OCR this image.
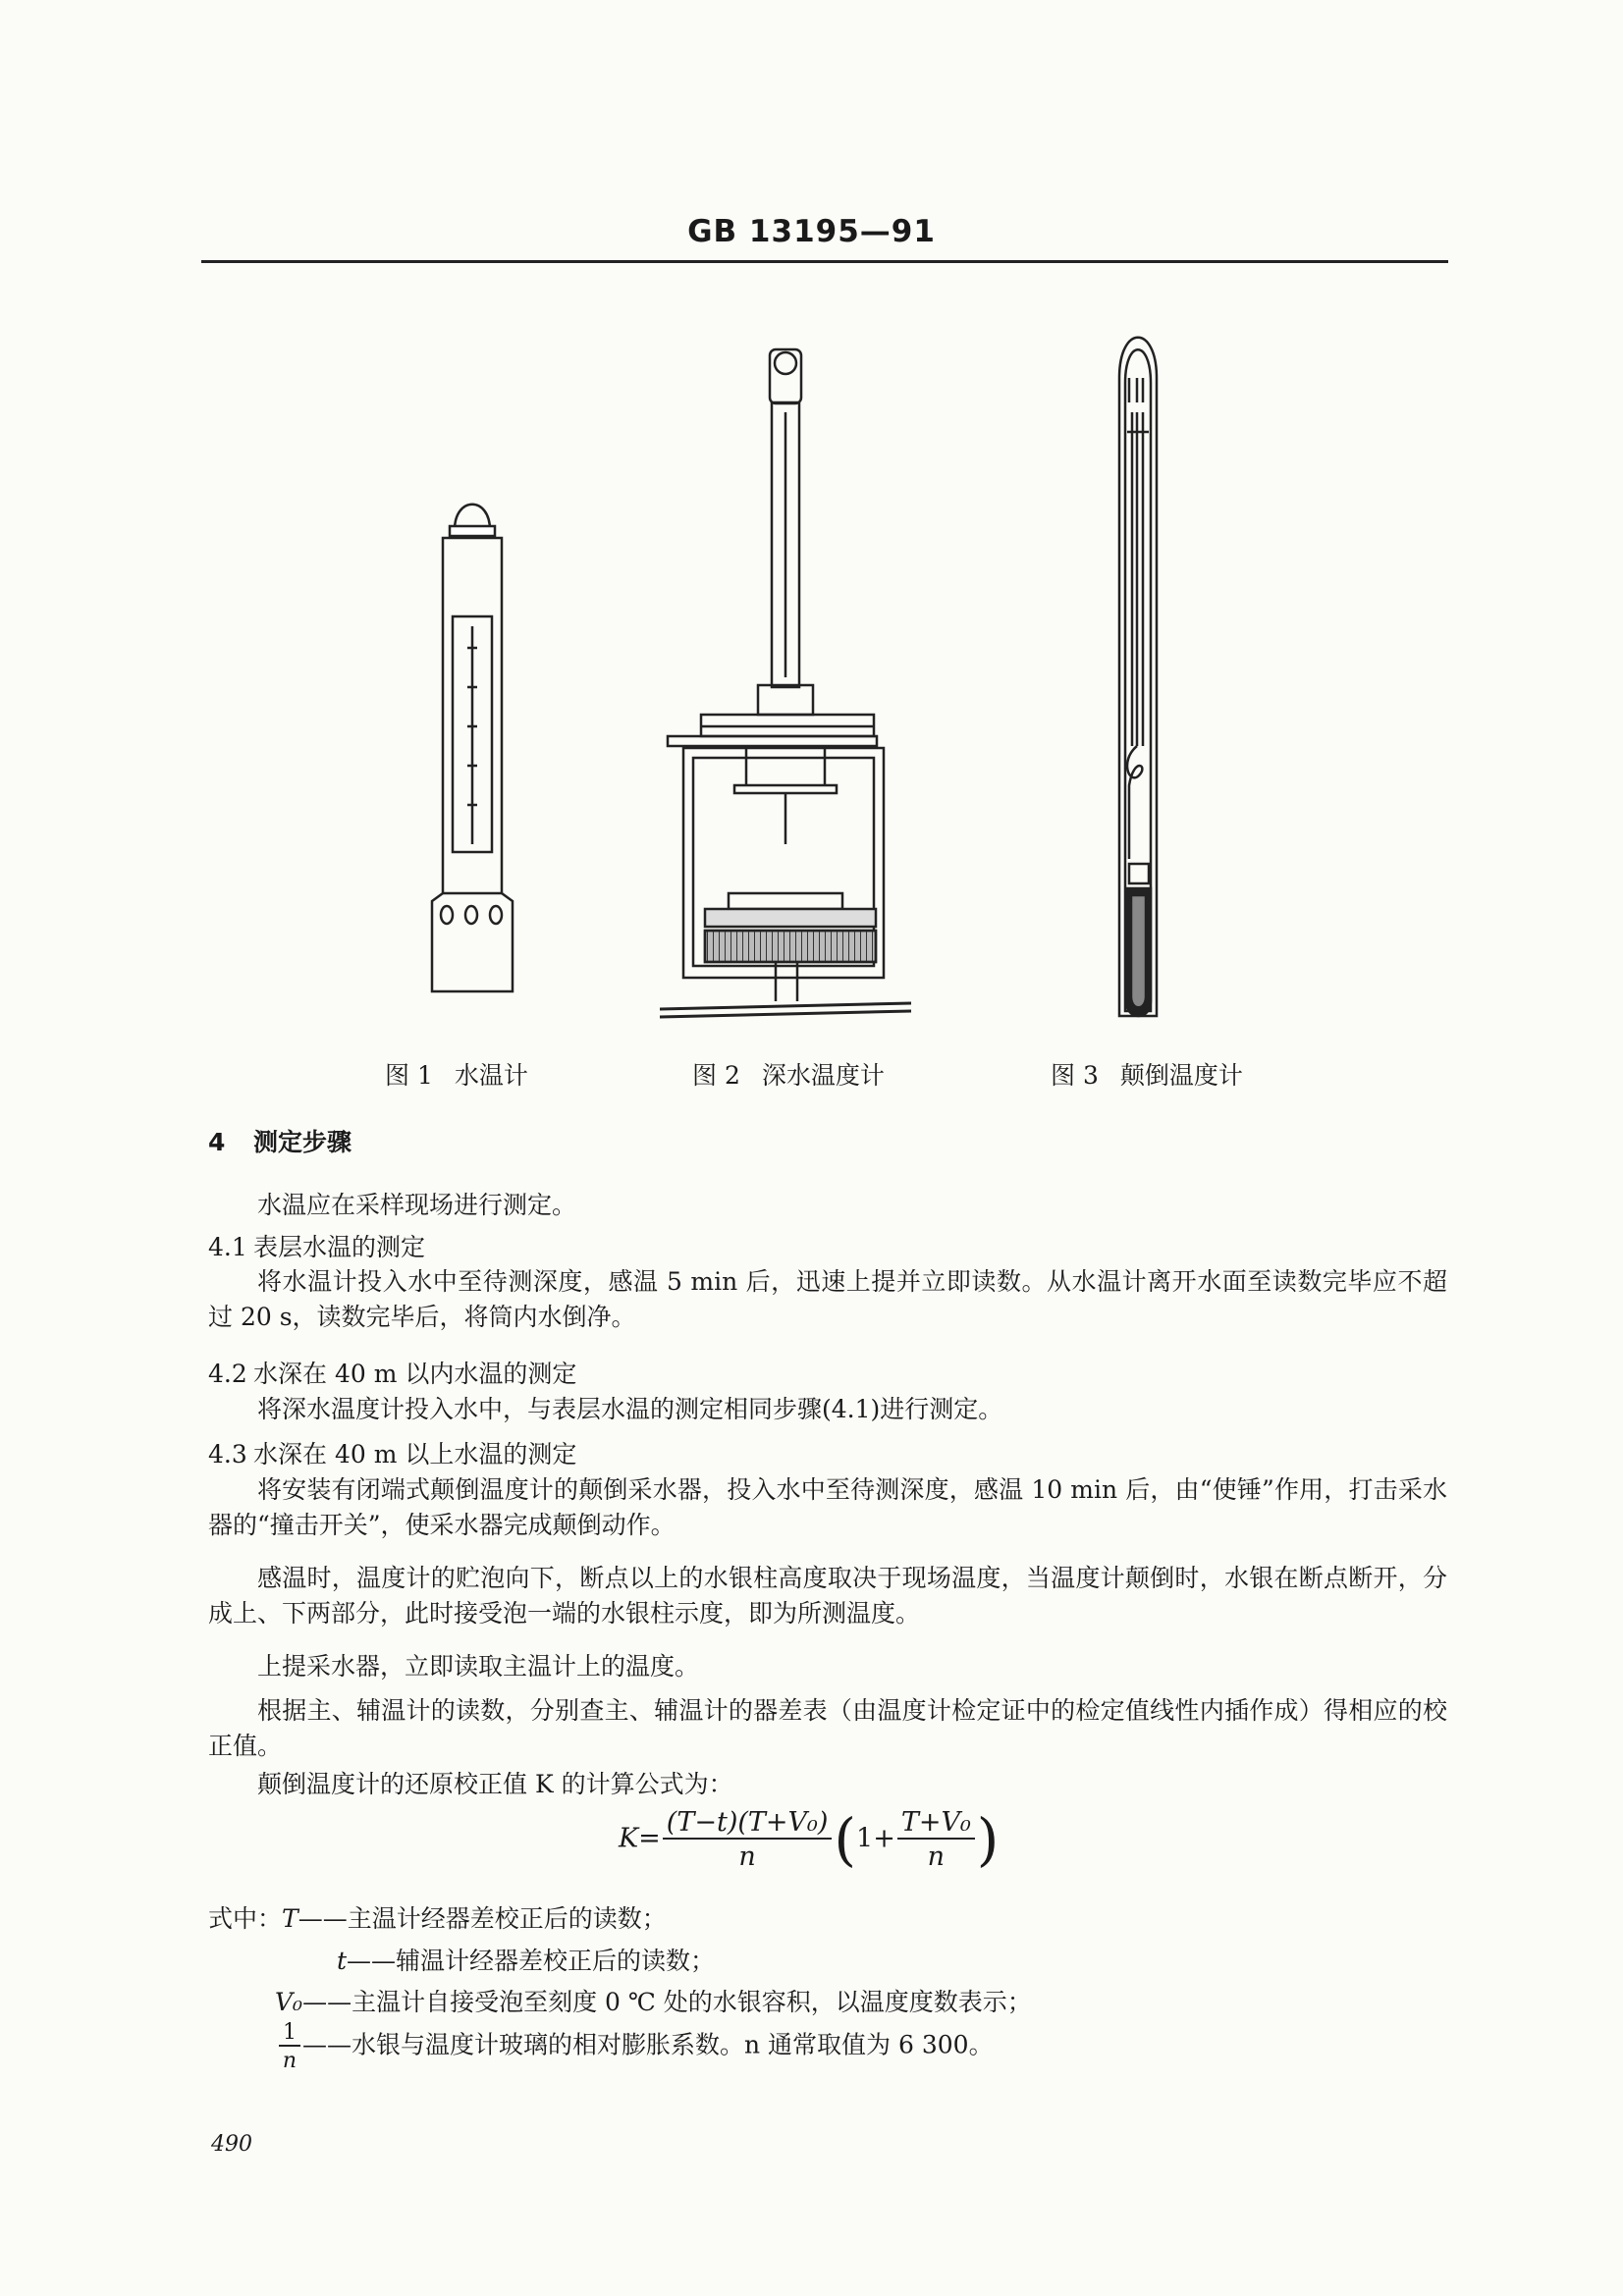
GB 13195—91
图 1 水温计	图 2 深水温度计	图 3 颠倒温度计
4 测定步骤
水温应在采样现场进行测定。
4.1 表层水温的测定
将水温计投入水中至待测深度，感温 5 min 后，迅速上提并立即读数。从水温计离开水面至读数完毕应不超过 20 s，读数完毕后，将筒内水倒净。
4.2 水深在 40 m 以内水温的测定
将深水温度计投入水中，与表层水温的测定相同步骤(4.1)进行测定。
4.3 水深在 40 m 以上水温的测定
将安装有闭端式颠倒温度计的颠倒采水器，投入水中至待测深度，感温 10 min 后，由“使锤”作用，打击采水器的“撞击开关”，使采水器完成颠倒动作。
感温时，温度计的贮泡向下，断点以上的水银柱高度取决于现场温度，当温度计颠倒时，水银在断点断开，分成上、下两部分，此时接受泡一端的水银柱示度，即为所测温度。
上提采水器，立即读取主温计上的温度。
根据主、辅温计的读数，分别查主、辅温计的器差表（由温度计检定证中的检定值线性内插作成）得相应的校正值。
颠倒温度计的还原校正值 K 的计算公式为：
$K= \frac{\text{(T−t)(T+V₀)}}{n} (1+ \frac{\text{T+V₀}}{n}$ )
式中：T——主温计经器差校正后的读数；
t——辅温计经器差校正后的读数；
V₀——主温计自接受泡至刻度 0 ℃ 处的水银容积，以温度度数表示；
$\frac{1}{n}$ ——水银与温度计玻璃的相对膨胀系数。n 通常取值为 6 300。
490
